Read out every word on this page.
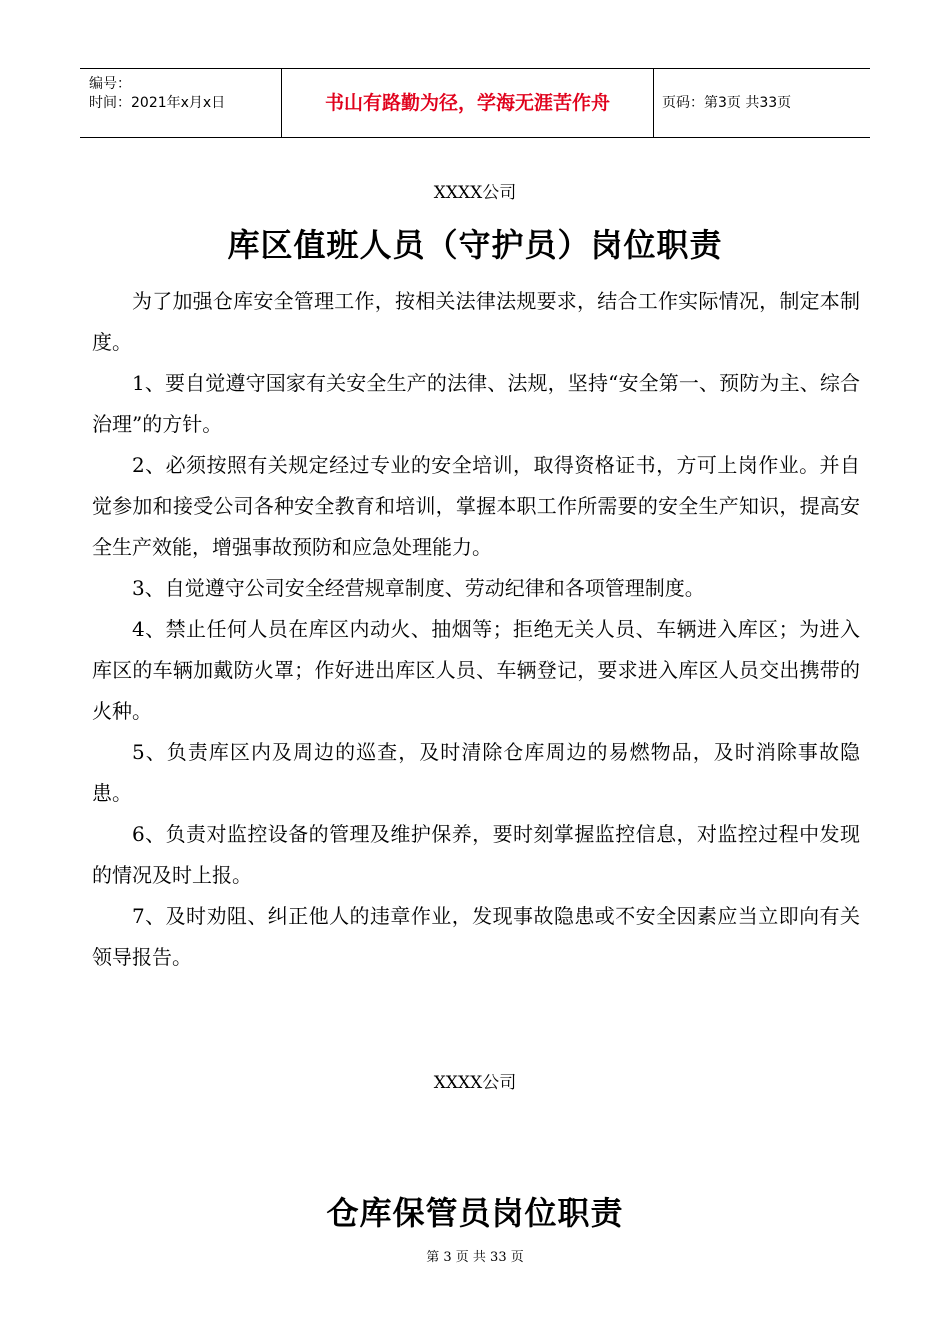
编号：
时间：2021年x月x日	书山有路勤为径，学海无涯苦作舟	页码：第3页 共33页
XXXX公司
库区值班人员（守护员）岗位职责

为了加强仓库安全管理工作，按相关法律法规要求，结合工作实际情况，制定本制度。

1、要自觉遵守国家有关安全生产的法律、法规，坚持“安全第一、预防为主、综合治理”的方针。

2、必须按照有关规定经过专业的安全培训，取得资格证书，方可上岗作业。并自觉参加和接受公司各种安全教育和培训，掌握本职工作所需要的安全生产知识，提高安全生产效能，增强事故预防和应急处理能力。

3、自觉遵守公司安全经营规章制度、劳动纪律和各项管理制度。

4、禁止任何人员在库区内动火、抽烟等；拒绝无关人员、车辆进入库区；为进入库区的车辆加戴防火罩；作好进出库区人员、车辆登记，要求进入库区人员交出携带的火种。

5、负责库区内及周边的巡查，及时清除仓库周边的易燃物品，及时消除事故隐患。

6、负责对监控设备的管理及维护保养，要时刻掌握监控信息，对监控过程中发现的情况及时上报。

7、及时劝阻、纠正他人的违章作业，发现事故隐患或不安全因素应当立即向有关领导报告。

XXXX公司
仓库保管员岗位职责
第 3 页 共 33 页
